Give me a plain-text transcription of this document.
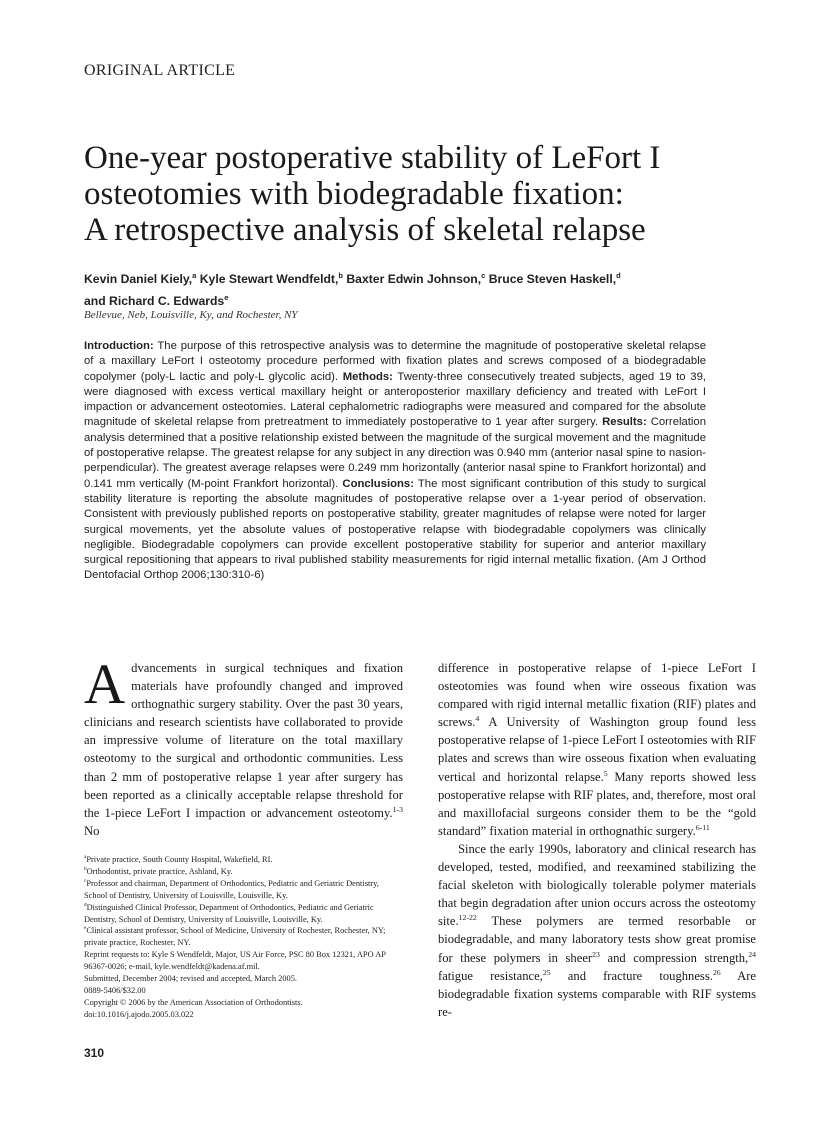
ORIGINAL ARTICLE
One-year postoperative stability of LeFort I
osteotomies with biodegradable fixation:
A retrospective analysis of skeletal relapse
Kevin Daniel Kiely,$^a$ Kyle Stewart Wendfeldt,$^b$ Baxter Edwin Johnson,$^c$ Bruce Steven Haskell,$^d$
and Richard C. Edwards$^e$
Bellevue, Neb, Louisville, Ky, and Rochester, NY
Introduction: The purpose of this retrospective analysis was to determine the magnitude of postoperative skeletal relapse of a maxillary LeFort I osteotomy procedure performed with fixation plates and screws composed of a biodegradable copolymer (poly-L lactic and poly-L glycolic acid). Methods: Twenty-three consecutively treated subjects, aged 19 to 39, were diagnosed with excess vertical maxillary height or anteroposterior maxillary deficiency and treated with LeFort I impaction or advancement osteotomies. Lateral cephalometric radiographs were measured and compared for the absolute magnitude of skeletal relapse from pretreatment to immediately postoperative to 1 year after surgery. Results: Correlation analysis determined that a positive relationship existed between the magnitude of the surgical movement and the magnitude of postoperative relapse. The greatest relapse for any subject in any direction was 0.940 mm (anterior nasal spine to nasion-perpendicular). The greatest average relapses were 0.249 mm horizontally (anterior nasal spine to Frankfort horizontal) and 0.141 mm vertically (M-point Frankfort horizontal). Conclusions: The most significant contribution of this study to surgical stability literature is reporting the absolute magnitudes of postoperative relapse over a 1-year period of observation. Consistent with previously published reports on postoperative stability, greater magnitudes of relapse were noted for larger surgical movements, yet the absolute values of postoperative relapse with biodegradable copolymers was clinically negligible. Biodegradable copolymers can provide excellent postoperative stability for superior and anterior maxillary surgical repositioning that appears to rival published stability measurements for rigid internal metallic fixation. (Am J Orthod Dentofacial Orthop 2006;130:310-6)

Advancements in surgical techniques and fixation materials have profoundly changed and improved orthognathic surgery stability. Over the past 30 years, clinicians and research scientists have collaborated to provide an impressive volume of literature on the total maxillary osteotomy to the surgical and orthodontic communities. Less than 2 mm of postoperative relapse 1 year after surgery has been reported as a clinically acceptable relapse threshold for the 1-piece LeFort I impaction or advancement osteotomy.$^{1-3}$ No

$^a$Private practice, South County Hospital, Wakefield, RI.
$^b$Orthodontist, private practice, Ashland, Ky.
$^c$Professor and chairman, Department of Orthodontics, Pediatric and Geriatric Dentistry, School of Dentistry, University of Louisville, Louisville, Ky.
$^d$Distinguished Clinical Professor, Department of Orthodontics, Pediatric and Geriatric Dentistry, School of Dentistry, University of Louisville, Louisville, Ky.
$^e$Clinical assistant professor, School of Medicine, University of Rochester, Rochester, NY; private practice, Rochester, NY.
Reprint requests to: Kyle S Wendfeldt, Major, US Air Force, PSC 80 Box 12321, APO AP 96367-0026; e-mail, kyle.wendfeldt@kadena.af.mil.
Submitted, December 2004; revised and accepted, March 2005.
0889-5406/$32.00
Copyright © 2006 by the American Association of Orthodontists.
doi:10.1016/j.ajodo.2005.03.022

difference in postoperative relapse of 1-piece LeFort I osteotomies was found when wire osseous fixation was compared with rigid internal metallic fixation (RIF) plates and screws.$^4$ A University of Washington group found less postoperative relapse of 1-piece LeFort I osteotomies with RIF plates and screws than wire osseous fixation when evaluating vertical and horizontal relapse.$^5$ Many reports showed less postoperative relapse with RIF plates, and, therefore, most oral and maxillofacial surgeons consider them to be the “gold standard” fixation material in orthognathic surgery.$^{6-11}$

Since the early 1990s, laboratory and clinical research has developed, tested, modified, and reexamined stabilizing the facial skeleton with biologically tolerable polymer materials that begin degradation after union occurs across the osteotomy site.$^{12-22}$ These polymers are termed resorbable or biodegradable, and many laboratory tests show great promise for these polymers in sheer$^{23}$ and compression strength,$^{24}$ fatigue resistance,$^{25}$ and fracture toughness.$^{26}$ Are biodegradable fixation systems comparable with RIF systems re-

310
